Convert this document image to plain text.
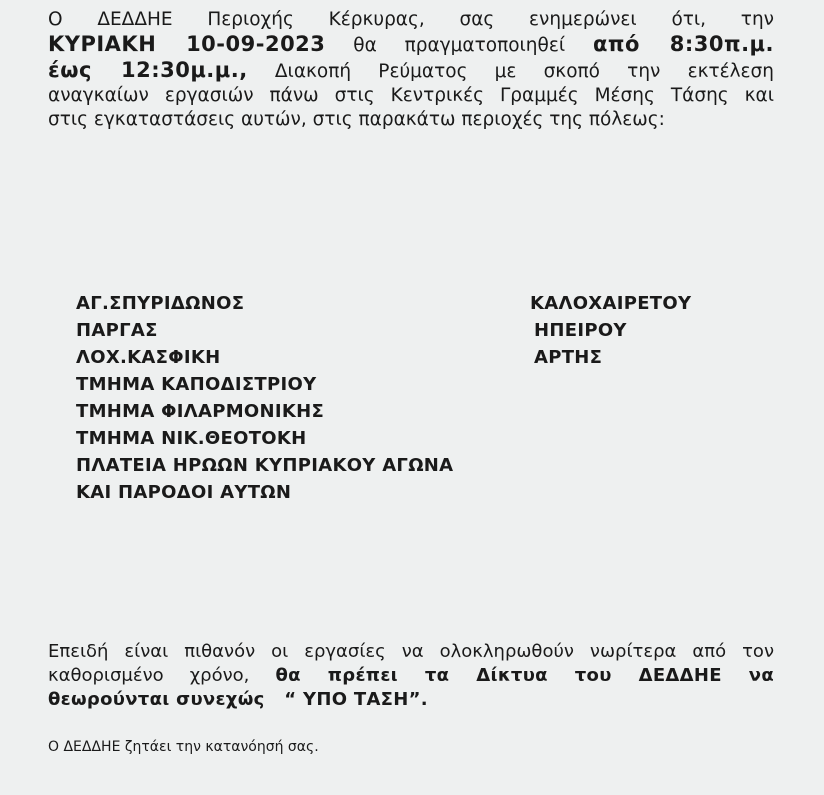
Ο ΔΕΔΔΗΕ Περιοχής Κέρκυρας, σας ενημερώνει ότι, την
ΚΥΡΙΑΚΗ 10-09-2023 θα πραγματοποιηθεί από 8:30π.μ.
έως 12:30μ.μ., Διακοπή Ρεύματος με σκοπό την εκτέλεση
αναγκαίων εργασιών πάνω στις Κεντρικές Γραμμές Μέσης Τάσης και
στις εγκαταστάσεις αυτών, στις παρακάτω περιοχές της πόλεως:
ΑΓ.ΣΠΥΡΙΔΩΝΟΣ
ΠΑΡΓΑΣ
ΛΟΧ.ΚΑΣΦΙΚΗ
ΤΜΗΜΑ ΚΑΠΟΔΙΣΤΡΙΟΥ
ΤΜΗΜΑ ΦΙΛΑΡΜΟΝΙΚΗΣ
ΤΜΗΜΑ ΝΙΚ.ΘΕΟΤΟΚΗ
ΠΛΑΤΕΙΑ ΗΡΩΩΝ ΚΥΠΡΙΑΚΟΥ ΑΓΩΝΑ
ΚΑΙ ΠΑΡΟΔΟΙ ΑΥΤΩΝ
ΚΑΛΟΧΑΙΡΕΤΟΥ
ΗΠΕΙΡΟΥ
ΑΡΤΗΣ
Επειδή είναι πιθανόν οι εργασίες να ολοκληρωθούν νωρίτερα από τον
καθορισμένο χρόνο, θα πρέπει τα Δίκτυα του ΔΕΔΔΗΕ να
θεωρούνται συνεχώς   “ ΥΠΟ ΤΑΣΗ”.
Ο ΔΕΔΔΗΕ ζητάει την κατανόησή σας.
